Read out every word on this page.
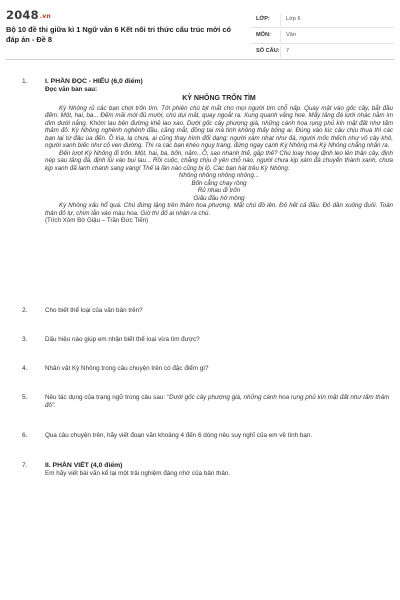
2048.vn
Bộ 10 đề thi giữa kì 1 Ngữ văn 6 Kết nối tri thức cấu trúc mới có đáp án - Đề 8
LỚP:	Lớp 6
MÔN:	Văn
SỐ CÂU: 7
1.	I. PHẦN ĐỌC - HIỂU (6,0 điểm)
Đọc văn bản sau:
KỲ NHÔNG TRỐN TÌM

Kỳ Nhông rủ các bạn chơi trốn tìm. Tới phiên chú bịt mắt cho mọi người tìm chỗ nấp. Quay mặt vào gốc cây, bắt đầu đếm: Một, hai, ba... Đếm mãi mới đủ mười, chú dụi mắt, quay ngoắt ra. Xung quanh vắng hoe. Mấy tảng đá lưới nhác nằm im dìm dưới nắng. Khóm lau bên đường khẽ lao xao. Dưới gốc cây phượng già, những cánh hoa rụng phủ kín mặt đất như tấm thảm đỏ. Kỳ Nhông nghênh nghênh đầu, căng mắt, đồng tai mà tinh không thấy bóng ai. Đúng vào lúc cậu chịu thua thì các bạn lại từ đâu ùa đến. Ồ kìa, lạ chưa, ai cũng thay hình đổi dạng: người xám nhạt như đá, người mốc thếch như vỏ cây khô, người xanh biếc như cỏ ven đường. Thì ra các bạn khéo nguỵ trang, đứng ngay cạnh Kỳ Nhông mà Kỳ Nhông chẳng nhận ra.

Đến lượt Kỳ Nhông đi trốn. Một, hai, ba, bốn, năm...Ồ, sao nhanh thế, gặp thế? Chú loay hoay định leo lên thân cây, định nép sau tảng đá, định lủi vào bụi lau... Rồi cuộc, chẳng chịu ở yên chỗ nào, người chưa kịp xám đá chuyển thành xanh, chưa kịp xanh đã lanh chanh sang vàng! Thế là lần nào cũng bị lộ. Các bạn hát trêu Kỳ Nhông:

Nhông nhông nhông nhông...
Bốn cẳng chạy rông
Rủ nhau đi trốn
Giấu đầu hở mông

Kỳ Nhông xấu hổ quá. Chú đứng lặng trên thảm hoa phượng. Mặt chú đỏ lên. Đỏ hết cả đầu. Đỏ dần xuống đuôi. Toàn thân đỏ lự, chìm lẫn vào màu hoa. Giờ thì đố ai nhận ra chú.

(Trích Xóm Bờ Giậu – Trần Đức Tiến)

2.	Cho biết thể loại của văn bản trên?
3.	Dấu hiệu nào giúp em nhận biết thể loại vừa tìm được?
4.	Nhân vật Kỳ Nhông trong câu chuyện trên có đặc điểm gì?
5.	Nêu tác dụng của trạng ngữ trong câu sau: "Dưới gốc cây phượng già, những cánh hoa rụng phủ kín mặt đất như tấm thảm đỏ".
6.	Qua câu chuyện trên, hãy viết đoạn văn khoảng 4 đến 6 dòng nêu suy nghĩ của em về tình bạn.
7.	II. PHẦN VIẾT (4,0 điểm)
Em hãy viết bài văn kể lại một trải nghiệm đáng nhớ của bản thân.
